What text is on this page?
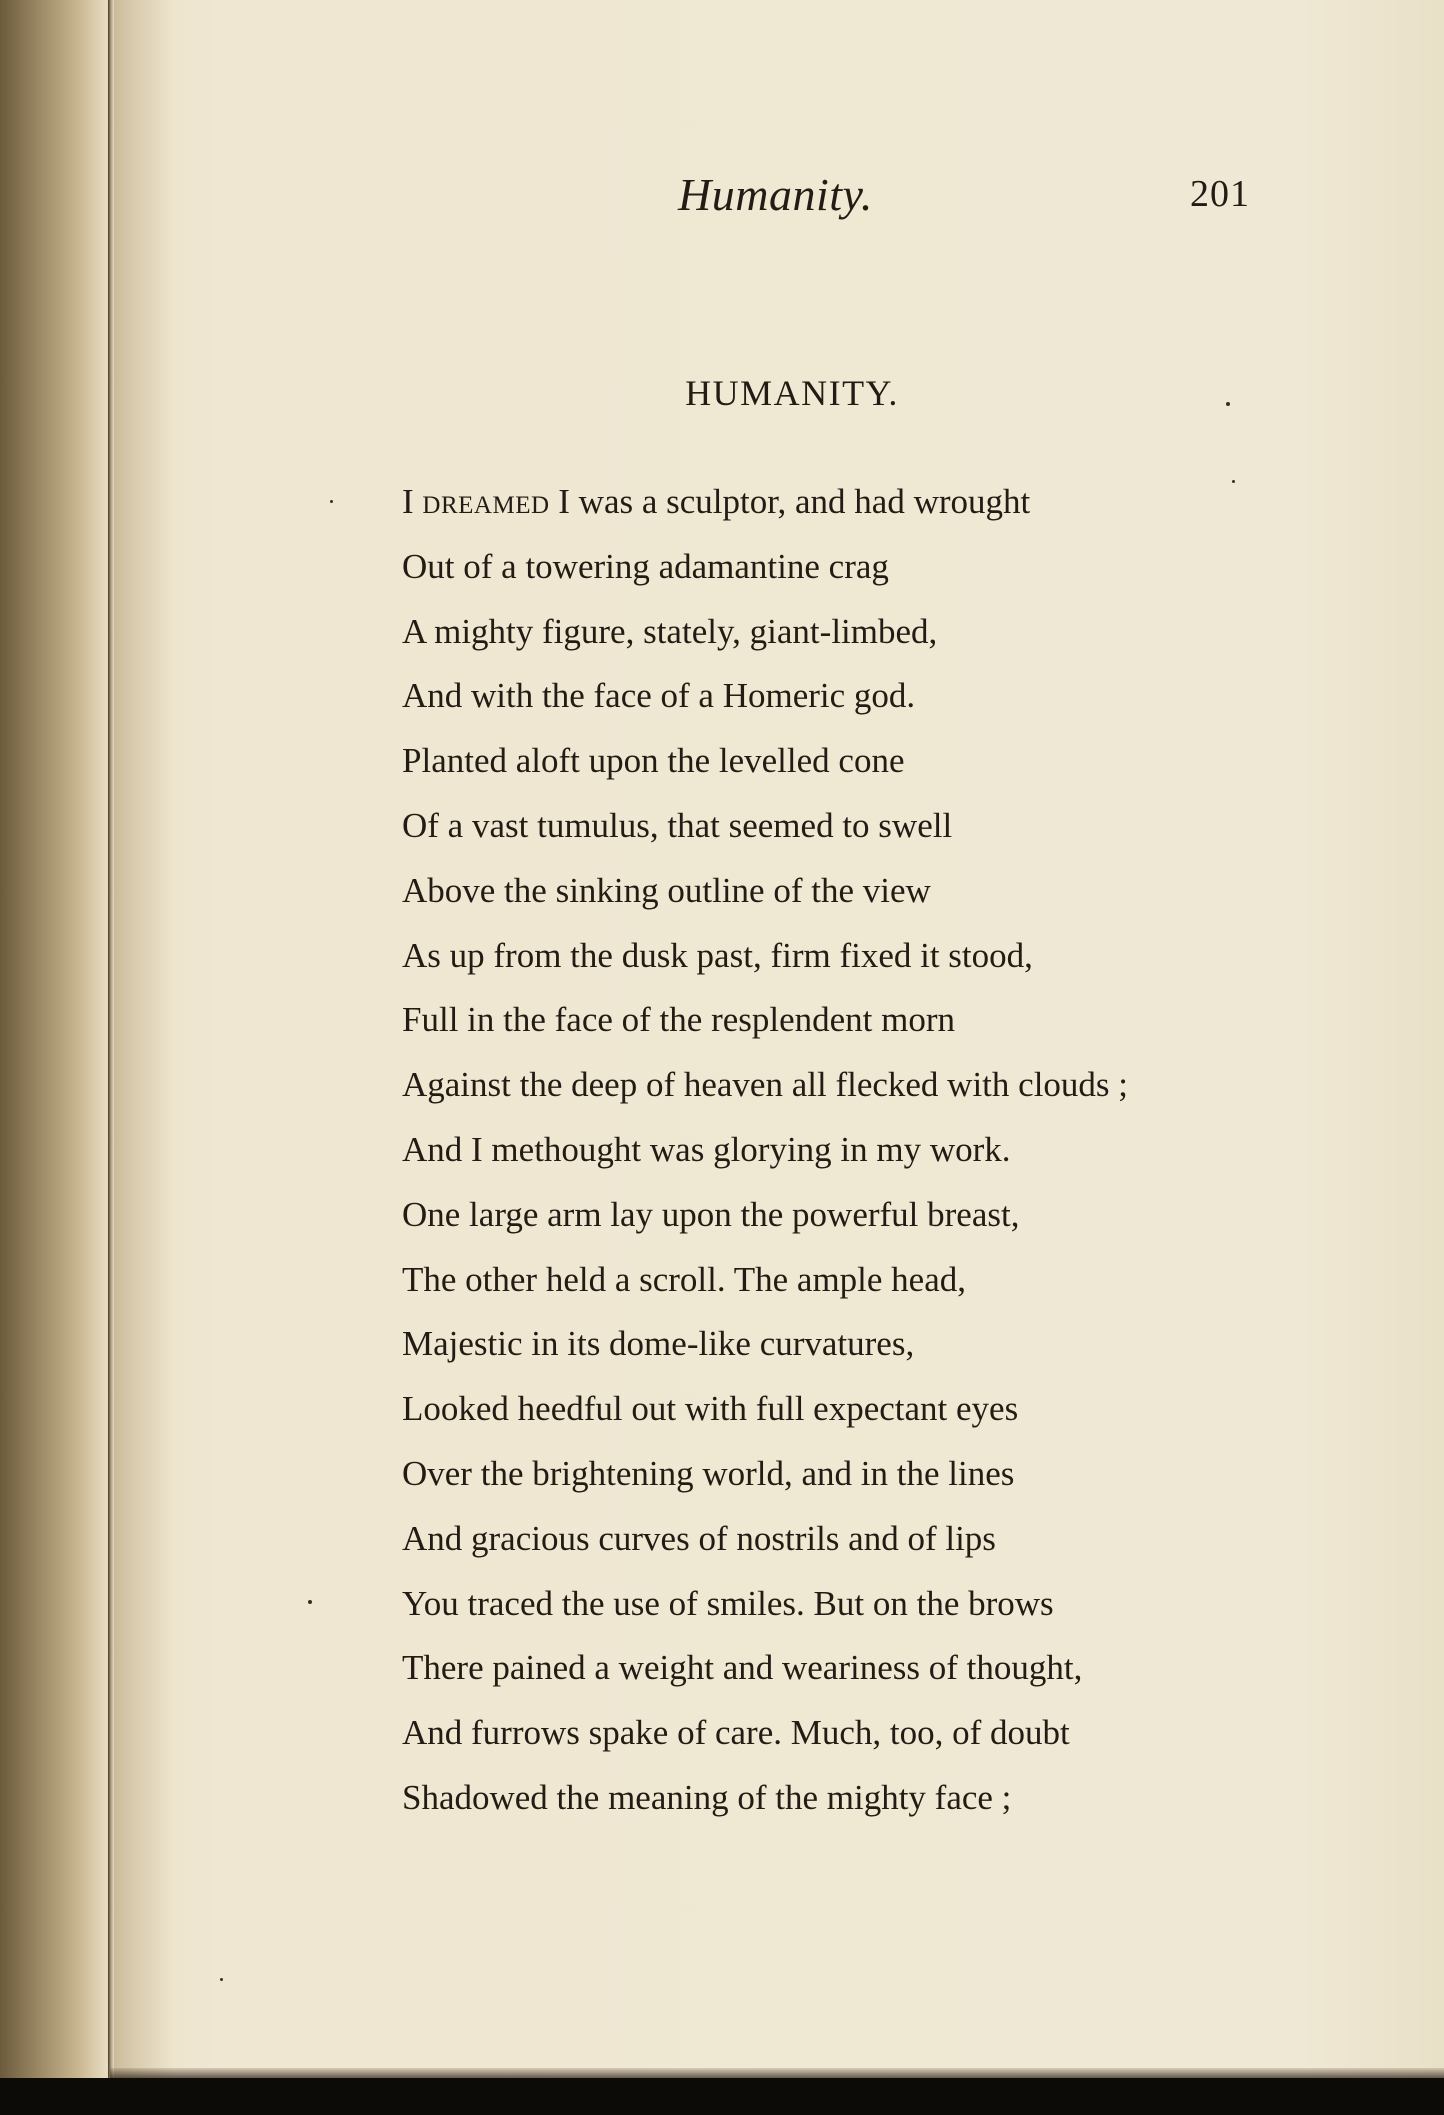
Humanity.	201
HUMANITY.
I dreamed I was a sculptor, and had wrought
Out of a towering adamantine crag
A mighty figure, stately, giant-limbed,
And with the face of a Homeric god.
Planted aloft upon the levelled cone
Of a vast tumulus, that seemed to swell
Above the sinking outline of the view
As up from the dusk past, firm fixed it stood,
Full in the face of the resplendent morn
Against the deep of heaven all flecked with clouds ;
And I methought was glorying in my work.
One large arm lay upon the powerful breast,
The other held a scroll. The ample head,
Majestic in its dome-like curvatures,
Looked heedful out with full expectant eyes
Over the brightening world, and in the lines
And gracious curves of nostrils and of lips
You traced the use of smiles. But on the brows
There pained a weight and weariness of thought,
And furrows spake of care. Much, too, of doubt
Shadowed the meaning of the mighty face ;
